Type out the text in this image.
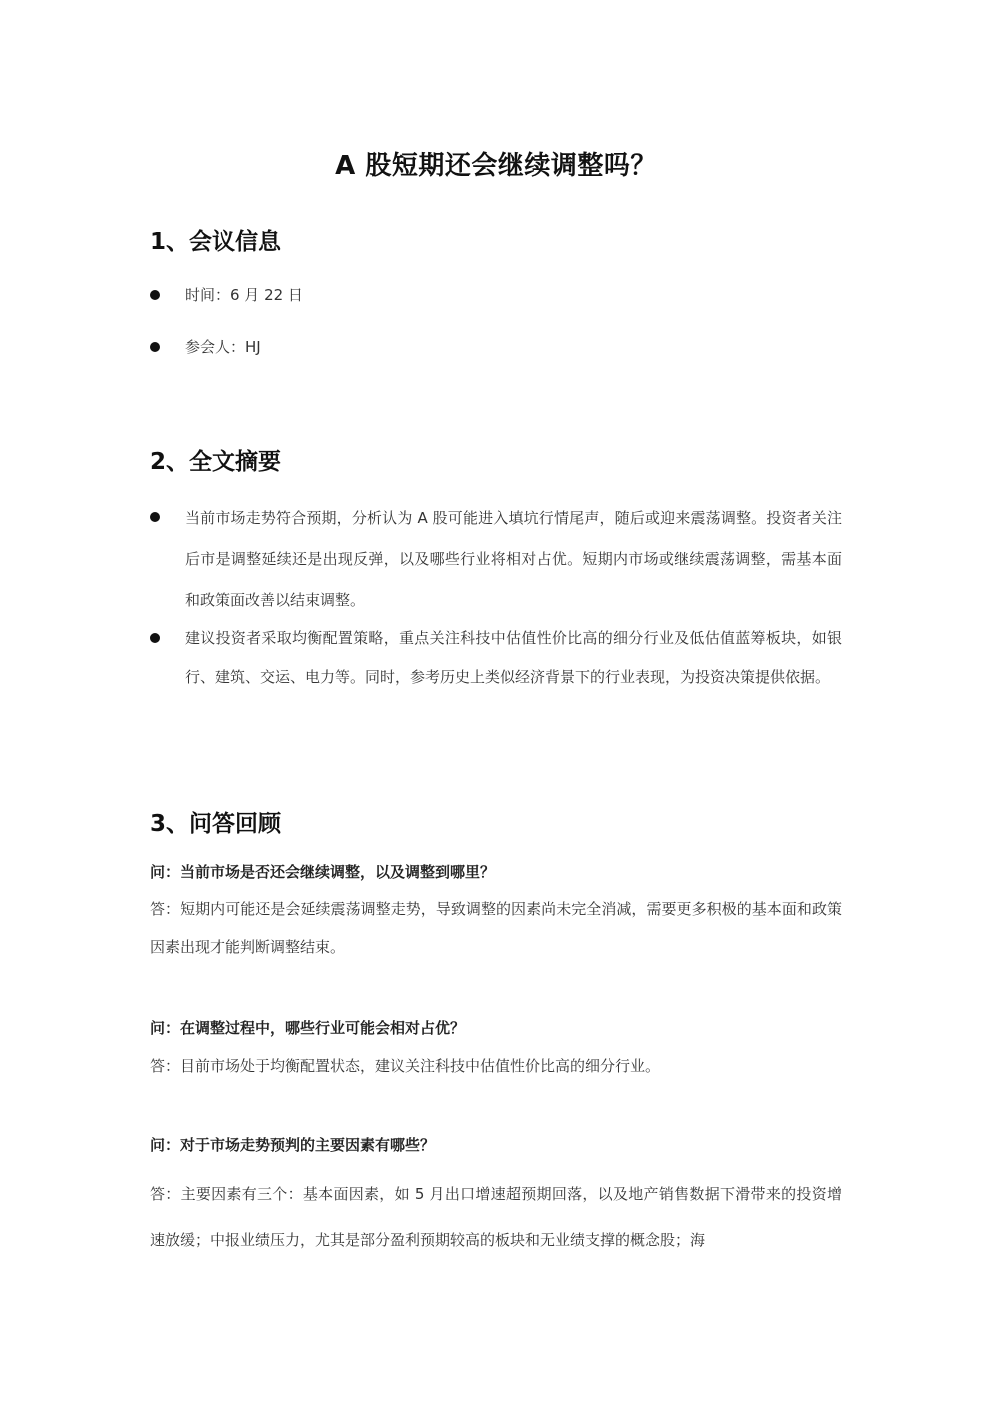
A 股短期还会继续调整吗？
1、会议信息
时间：6 月 22 日
参会人：HJ
2、全文摘要
当前市场走势符合预期，分析认为 A 股可能进入填坑行情尾声，随后或迎来震荡调整。投资者关注后市是调整延续还是出现反弹，以及哪些行业将相对占优。短期内市场或继续震荡调整，需基本面和政策面改善以结束调整。
建议投资者采取均衡配置策略，重点关注科技中估值性价比高的细分行业及低估值蓝筹板块，如银行、建筑、交运、电力等。同时，参考历史上类似经济背景下的行业表现，为投资决策提供依据。
3、问答回顾
问：当前市场是否还会继续调整，以及调整到哪里？
答：短期内可能还是会延续震荡调整走势，导致调整的因素尚未完全消减，需要更多积极的基本面和政策因素出现才能判断调整结束。
问：在调整过程中，哪些行业可能会相对占优？
答：目前市场处于均衡配置状态，建议关注科技中估值性价比高的细分行业。
问：对于市场走势预判的主要因素有哪些？
答：主要因素有三个：基本面因素，如 5 月出口增速超预期回落，以及地产销售数据下滑带来的投资增速放缓；中报业绩压力，尤其是部分盈利预期较高的板块和无业绩支撑的概念股；海
